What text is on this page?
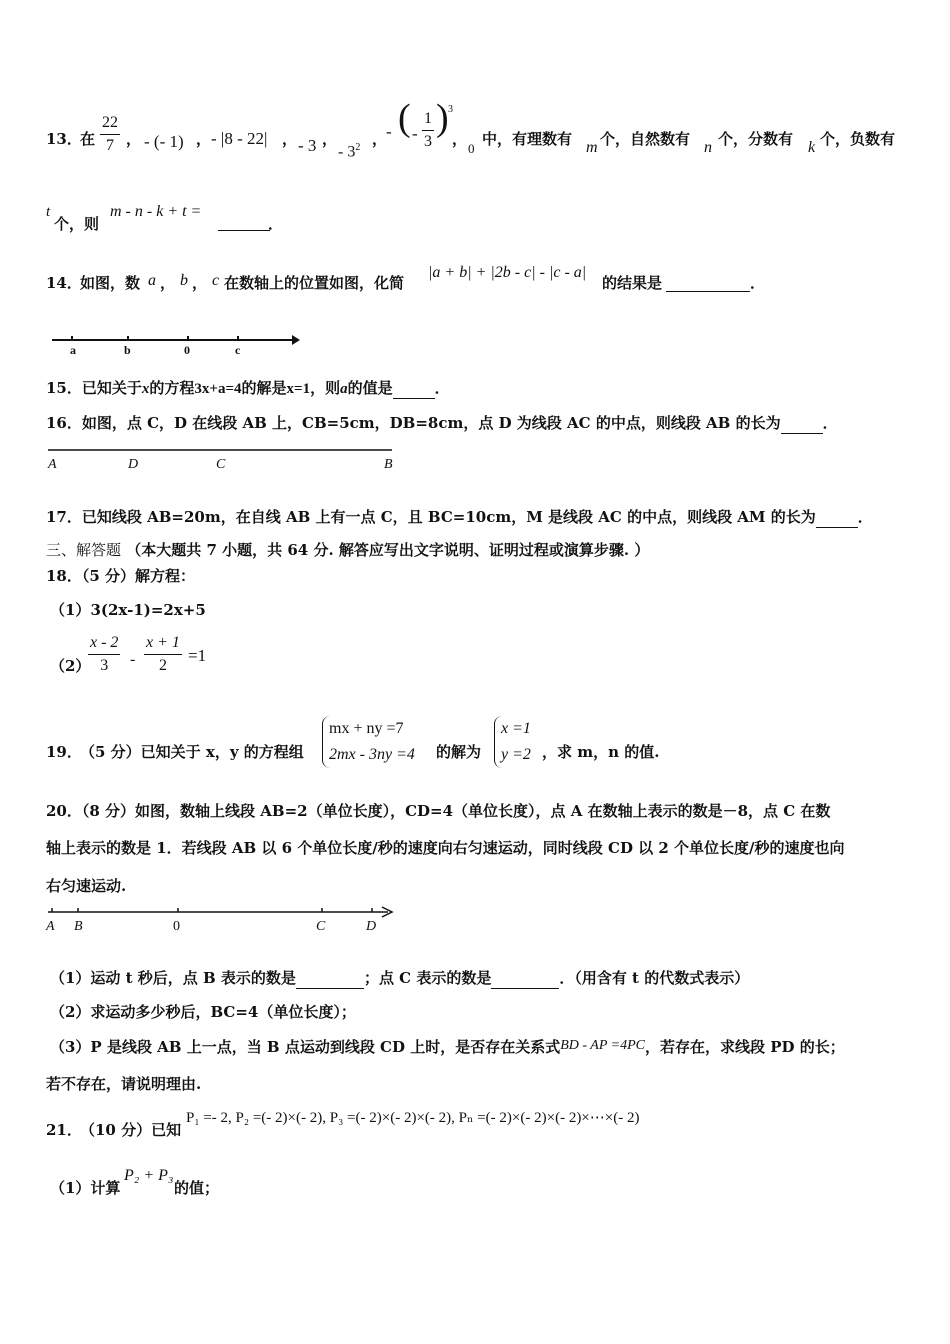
13．
在 $\frac{22}{7}$ ， - (- 1) ， - |8 - 22| ， - 3 ，
- $3^2$ ，
- ( - $\frac{1}{3}$ ) 3
，
0
中，有理数有 m 个，自然数有 n 个，分数有 k 个，负数有
t
个，则
m - n - k + t =
．
14．
如图，数 a ， b ， c 在数轴上的位置如图，化简
|a + b| + |2b - c| - |c - a|
的结果是	．
a	b	0	c
15．已知关于x的方程3x+a=4的解是x=1，则a的值是	．
16．如图，点 C，D 在线段 AB 上，CB=5cm，DB=8cm，点 D 为线段 AC 的中点，则线段 AB 的长为	．
A	D	C	B
17．已知线段 AB=20m，在自线 AB 上有一点 C，且 BC=10cm，M 是线段 AC 的中点，则线段 AM 的长为	．
三、解答题 （本大题共 7 小题，共 64 分. 解答应写出文字说明、证明过程或演算步骤. ）
18．（5 分）解方程：
（1）3(2x-1)=2x+5
（2）
$\frac{x - 2}{3} - \frac{x + 1}{2} =1$
19．
（5 分）已知关于 x，y 的方程组
mx + ny =7
2mx - 3ny =4 的解为
x =1
y =2 ，求 m，n 的值.
20．（8 分）如图，数轴上线段 AB=2（单位长度），CD=4（单位长度），点 A 在数轴上表示的数是－8，点 C 在数
轴上表示的数是 1．若线段 AB 以 6 个单位长度/秒的速度向右匀速运动，同时线段 CD 以 2 个单位长度/秒的速度也向
右匀速运动.
A B	0	C	D
（1）运动 t 秒后，点 B 表示的数是	；点 C 表示的数是	．（用含有 t 的代数式表示）
（2）求运动多少秒后，BC=4（单位长度）；
（3）P 是线段 AB 上一点，当 B 点运动到线段 CD 上时，是否存在关系式BD - AP =4PC，若存在，求线段 PD 的长；
若不存在，请说明理由.
21．
（10 分）已知
P₁ =- 2, P₂ =(- 2)×(- 2), P₃ =(- 2)×(- 2)×(- 2), Pₙ =(- 2)×(- 2)×(- 2)×⋯×(- 2)
（1）计算
P₂ + P₃
的值；
